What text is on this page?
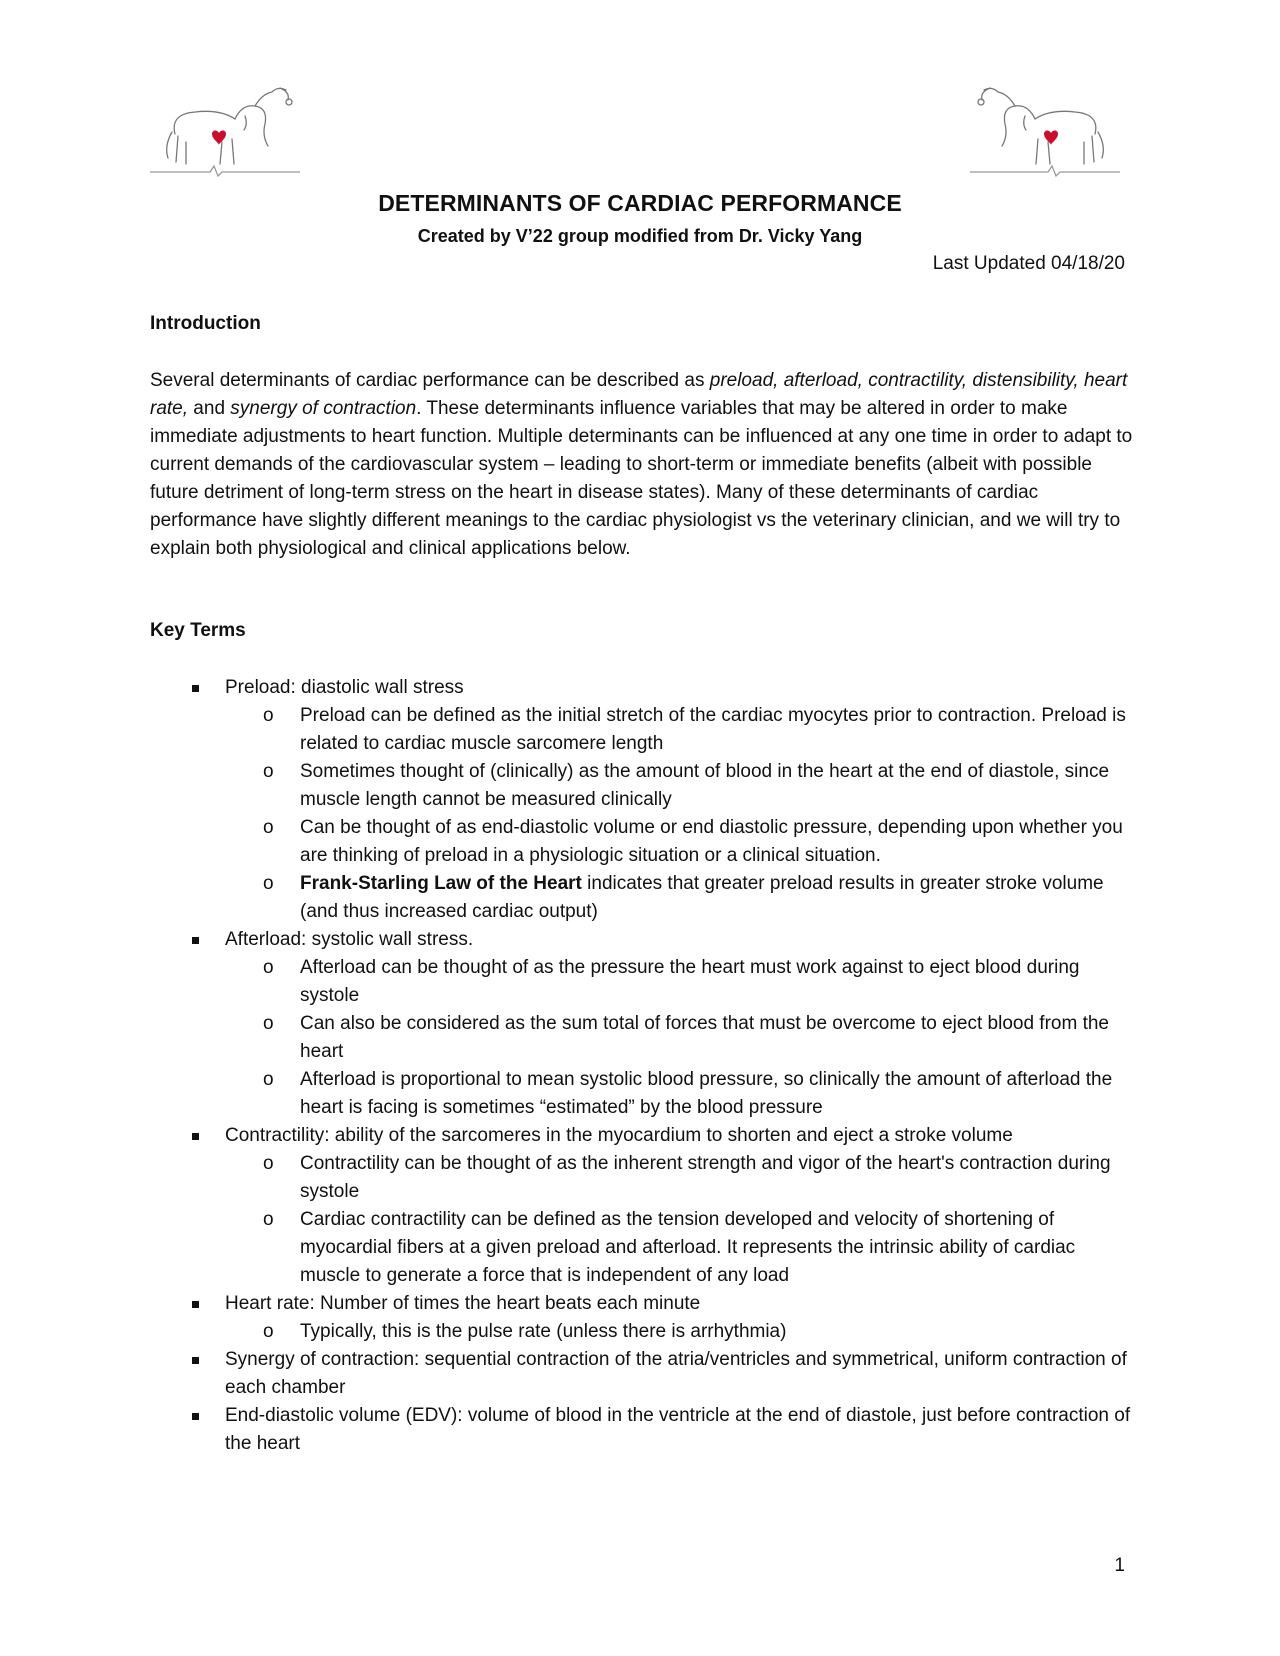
DETERMINANTS OF CARDIAC PERFORMANCE
Created by V’22 group modified from Dr. Vicky Yang
Last Updated 04/18/20
Introduction

Several determinants of cardiac performance can be described as preload, afterload, contractility, distensibility, heart rate, and synergy of contraction. These determinants influence variables that may be altered in order to make immediate adjustments to heart function. Multiple determinants can be influenced at any one time in order to adapt to current demands of the cardiovascular system – leading to short-term or immediate benefits (albeit with possible future detriment of long-term stress on the heart in disease states). Many of these determinants of cardiac performance have slightly different meanings to the cardiac physiologist vs the veterinary clinician, and we will try to explain both physiological and clinical applications below.

Key Terms
Preload: diastolic wall stress
o Preload can be defined as the initial stretch of the cardiac myocytes prior to contraction. Preload is related to cardiac muscle sarcomere length
o Sometimes thought of (clinically) as the amount of blood in the heart at the end of diastole, since muscle length cannot be measured clinically
o Can be thought of as end-diastolic volume or end diastolic pressure, depending upon whether you are thinking of preload in a physiologic situation or a clinical situation.
o Frank-Starling Law of the Heart indicates that greater preload results in greater stroke volume (and thus increased cardiac output)
Afterload: systolic wall stress.
o Afterload can be thought of as the pressure the heart must work against to eject blood during systole
o Can also be considered as the sum total of forces that must be overcome to eject blood from the heart
o Afterload is proportional to mean systolic blood pressure, so clinically the amount of afterload the heart is facing is sometimes “estimated” by the blood pressure
Contractility: ability of the sarcomeres in the myocardium to shorten and eject a stroke volume
o Contractility can be thought of as the inherent strength and vigor of the heart's contraction during systole
o Cardiac contractility can be defined as the tension developed and velocity of shortening of myocardial fibers at a given preload and afterload. It represents the intrinsic ability of cardiac muscle to generate a force that is independent of any load
Heart rate: Number of times the heart beats each minute
o Typically, this is the pulse rate (unless there is arrhythmia)
Synergy of contraction: sequential contraction of the atria/ventricles and symmetrical, uniform contraction of each chamber
End-diastolic volume (EDV): volume of blood in the ventricle at the end of diastole, just before contraction of the heart
1
